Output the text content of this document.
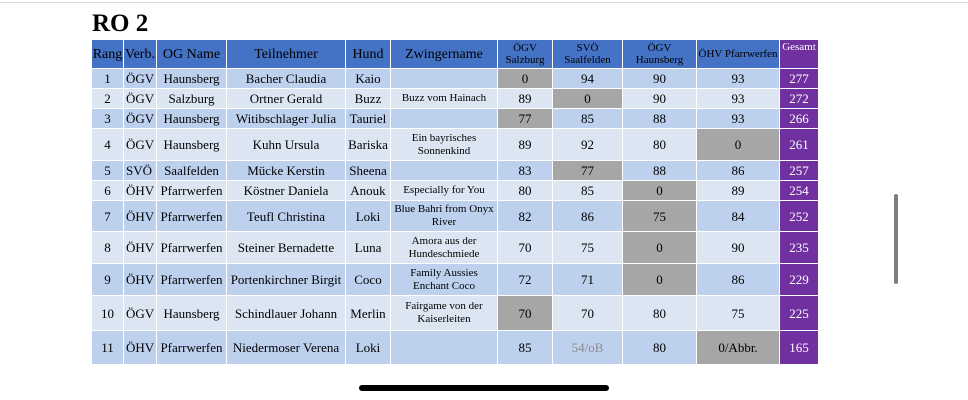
RO 2
Rang	Verb.	OG Name	Teilnehmer	Hund	Zwingername	ÖGV Salzburg	SVÖ Saalfelden	ÖGV Haunsberg	ÖHV Pfarrwerfen	Gesamt
1	ÖGV	Haunsberg	Bacher Claudia	Kaio		0	94	90	93	277
2	ÖGV	Salzburg	Ortner Gerald	Buzz	Buzz vom Hainach	89	0	90	93	272
3	ÖGV	Haunsberg	Witibschlager Julia	Tauriel		77	85	88	93	266
4	ÖGV	Haunsberg	Kuhn Ursula	Bariska	Ein bayrisches Sonnenkind	89	92	80	0	261
5	SVÖ	Saalfelden	Mücke Kerstin	Sheena		83	77	88	86	257
6	ÖHV	Pfarrwerfen	Köstner Daniela	Anouk	Especially for You	80	85	0	89	254
7	ÖHV	Pfarrwerfen	Teufl Christina	Loki	Blue Bahri from Onyx River	82	86	75	84	252
8	ÖHV	Pfarrwerfen	Steiner Bernadette	Luna	Amora aus der Hundeschmiede	70	75	0	90	235
9	ÖHV	Pfarrwerfen	Portenkirchner Birgit	Coco	Family Aussies Enchant Coco	72	71	0	86	229
10	ÖGV	Haunsberg	Schindlauer Johann	Merlin	Fairgame von der Kaiserleiten	70	70	80	75	225
11	ÖHV	Pfarrwerfen	Niedermoser Verena	Loki		85	54/oB	80	0/Abbr.	165
